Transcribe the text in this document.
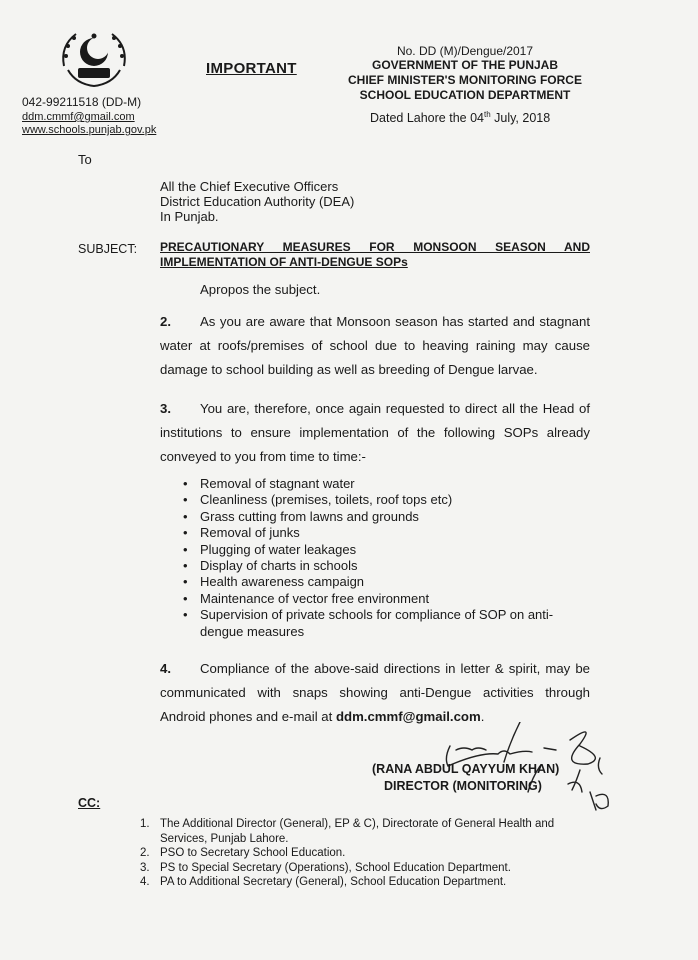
042-99211518 (DD-M)
ddm.cmmf@gmail.com
www.schools.punjab.gov.pk
IMPORTANT
No. DD (M)/Dengue/2017
GOVERNMENT OF THE PUNJAB
CHIEF MINISTER'S MONITORING FORCE
SCHOOL EDUCATION DEPARTMENT
Dated Lahore the 04th July, 2018
To
All the Chief Executive Officers
District Education Authority (DEA)
In Punjab.
SUBJECT: PRECAUTIONARY MEASURES FOR MONSOON SEASON AND IMPLEMENTATION OF ANTI-DENGUE SOPs
Apropos the subject.
2. As you are aware that Monsoon season has started and stagnant water at roofs/premises of school due to heaving raining may cause damage to school building as well as breeding of Dengue larvae.
3. You are, therefore, once again requested to direct all the Head of institutions to ensure implementation of the following SOPs already conveyed to you from time to time:-
• Removal of stagnant water
• Cleanliness (premises, toilets, roof tops etc)
• Grass cutting from lawns and grounds
• Removal of junks
• Plugging of water leakages
• Display of charts in schools
• Health awareness campaign
• Maintenance of vector free environment
• Supervision of private schools for compliance of SOP on anti-dengue measures
4. Compliance of the above-said directions in letter & spirit, may be communicated with snaps showing anti-Dengue activities through Android phones and e-mail at ddm.cmmf@gmail.com.
(RANA ABDUL QAYYUM KHAN)
DIRECTOR (MONITORING)
CC:
1. The Additional Director (General), EP & C), Directorate of General Health and Services, Punjab Lahore.
2. PSO to Secretary School Education.
3. PS to Special Secretary (Operations), School Education Department.
4. PA to Additional Secretary (General), School Education Department.
